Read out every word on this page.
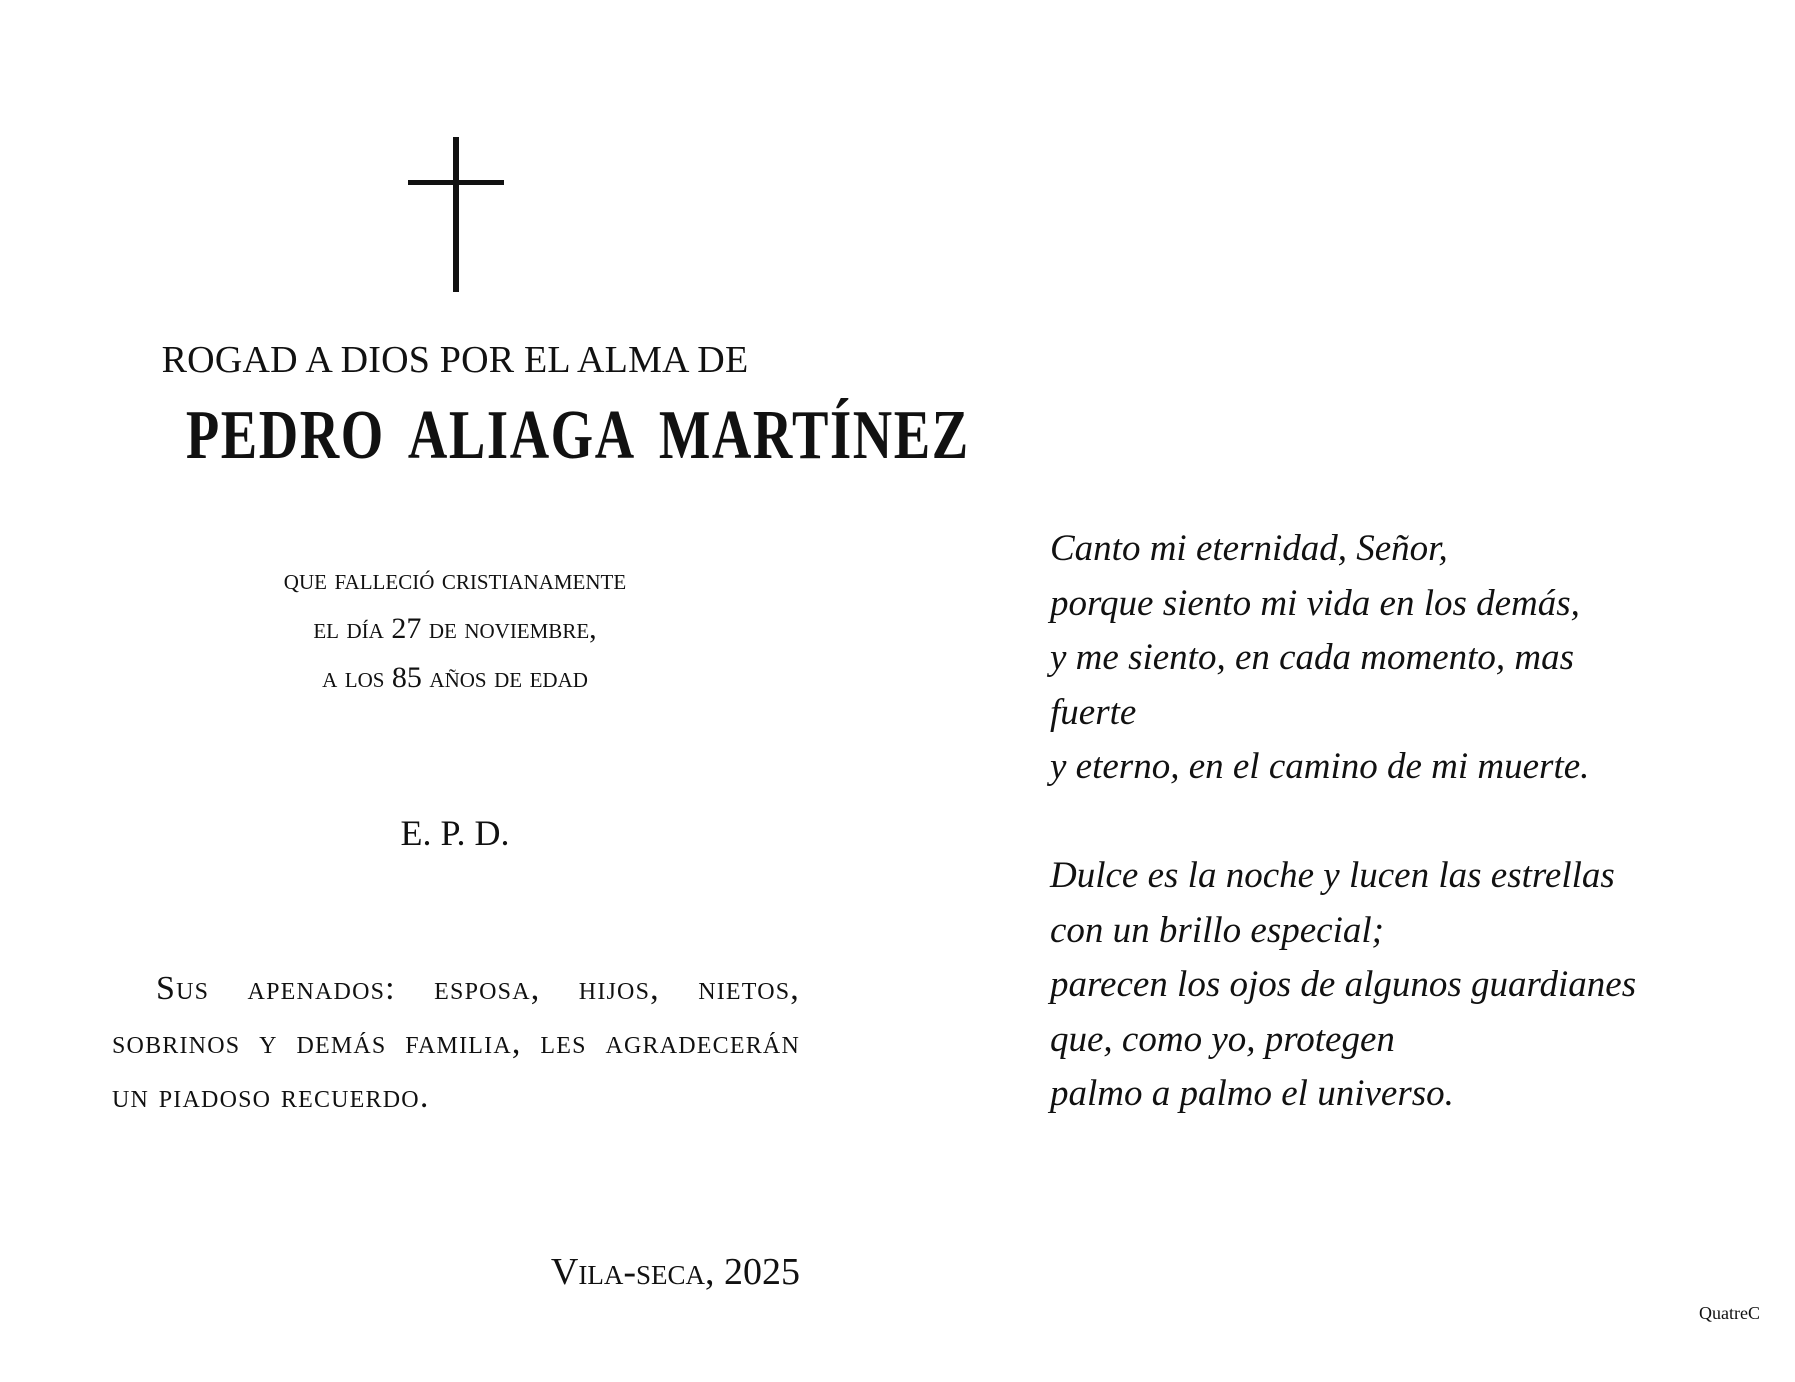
ROGAD A DIOS POR EL ALMA DE
PEDRO ALIAGA MARTÍNEZ
que falleció cristianamente
el día 27 de noviembre,
a los 85 años de edad
E. P. D.
Sus apenados: esposa, hijos, nietos, sobrinos y demás familia, les agradecerán un piadoso recuerdo.
Vila-seca, 2025
Canto mi eternidad, Señor,
porque siento mi vida en los demás,
y me siento, en cada momento, mas
fuerte
y eterno, en el camino de mi muerte.
Dulce es la noche y lucen las estrellas
con un brillo especial;
parecen los ojos de algunos guardianes
que, como yo, protegen
palmo a palmo el universo.
QuatreC
